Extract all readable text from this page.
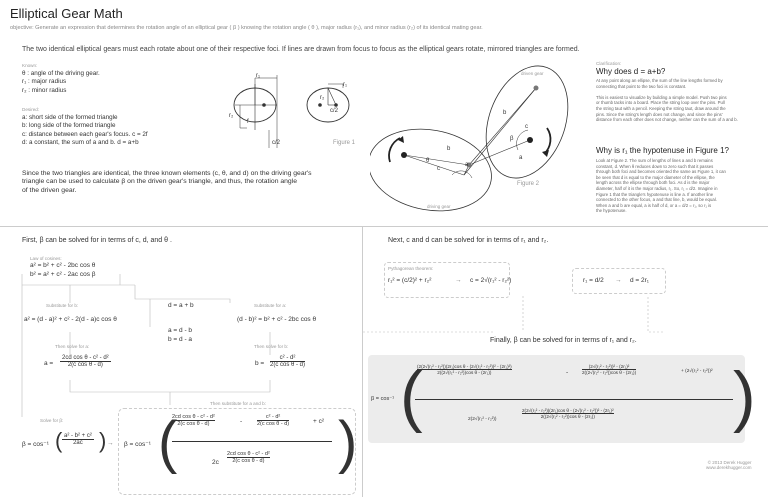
Elliptical Gear Math
objective: Generate an expression that determines the rotation angle of an elliptical gear ( β ) knowing the rotation angle ( θ ), major radius (r₁), and minor radius (r₂) of its identical mating gear.
The two identical elliptical gears must each rotate about one of their respective foci. If lines are drawn from focus to focus as the elliptical gears rotate, mirrored triangles are formed.
Known:
θ : angle of the driving gear.
r₁ : major radius
r₂ : minor radius
Desired:
a: short side of the formed triangle
b: long side of the formed triangle
c: distance between each gear's focus. c = 2f
d: a constant, the sum of a and b. d = a+b
Since the two triangles are identical, the three known elements (c, θ, and d) on the driving gear's
triangle can be used to calculate β on the driven gear's triangle, and thus, the rotation angle
of the driven gear.
r₁
r₂
f
r₁
r₂
c/2
c/2	Figure 1
driven gear
driving gear
Figure 2
θ
β
a
b
c
a
b
c
Clarification:
Why does d = a+b?
At any point along an ellipse, the sum of the line lengths formed by
connecting that point to the two foci is constant.
This is easiest to visualize by building a simple model. Push two pins
or thumb tacks into a board. Place the string loop over the pins. Pull
the string taut with a pencil. Keeping the string taut, draw around the
pins. Since the string's length does not change, and since the pins'
distance from each other does not change, neither can the sum of a and b.
Why is r₁ the hypotenuse in Figure 1?
Look at Figure 2. The sum of lengths of lines a and b remains
constant, d. When θ reduces down to zero such that it passes
through both foci and becomes oriented the same as Figure 1, it can
be seen that d is equal to the major diameter of the ellipse, the
length across the ellipse through both foci. As d is the major
diameter, half of it is the major radius, r₁. So, r₁ = d/2. Imagine in
Figure 1 that the triangle's hypotenuse is line a. If another line
connected to the other focus, a and that line, b, would be equal.
When a and b are equal, a is half of d, or a = d/2 = r₁, so r₁ is
the hypotenuse.
First, β can be solved for in terms of c, d, and θ .
Law of cosines:
a² = b² + c² - 2bc cos θ
b² = a² + c² - 2ac cos β
Substitute for b:	Substitute for a:
a² = (d - a)² + c² - 2(d - a)c cos θ	(d - b)² = b² + c² - 2bc cos θ
d = a + b
a = d - b
b = d - a
Then solve for a:	Then solve for b:
$a = \frac{\text{2cd cos θ - c² - d²}}{\text{2(c cos θ - d)}}$	$b = \frac{\text{c² - d²}}{\text{2(c cos θ - d)}}$
Solve for β:
Then substitute for a and b:
β = cos⁻¹ ( $\frac{\text{a² - b² + c²}}{2ac}$ ) → β = cos⁻¹ (	)
$\frac{\text{2cd cos θ - c² - d²}}{\text{2(c cos θ - d)}}$	-	$\frac{\text{c² - d²}}{\text{2(c cos θ - d)}}$	+ c²
$2c \frac{\text{2cd cos θ - c² - d²}}{\text{2(c cos θ - d)}}$
Next, c and d can be solved for in terms of r₁ and r₂.
Pythagorean theorem:
r₁² = (c/2)² + r₂²	→ c = 2√(r₁² - r₂²)	r₁ = d/2 → d = 2r₁
Finally, β can be solved for in terms of r₁ and r₂.
β = cos⁻¹ (	)
$\frac{\text{(2(2√(r₁² - r₂²))(2r₁)cos θ - (2√(r₁² - r₂²))² - (2r₁)²)}}{\text{2((2√(r₁² - r₂²))cos θ - (2r₁))}}$	-	$\frac{\text{(2√(r₁² - r₂²))² - (2r₁)²}}{\text{2((2√(r₁² - r₂²))cos θ - (2r₁))}}$	+ (2√(r₁² - r₂²))²
2(2√(r₁² - r₂²))
$\frac{\text{2(2√(r₁² - r₂²))(2r₁)cos θ - (2√(r₁² - r₂²))² - (2r₁)²}}{\text{2((2√(r₁² - r₂²))cos θ - (2r₁))}}$
© 2013 Derek Hugger
www.derekhugger.com
